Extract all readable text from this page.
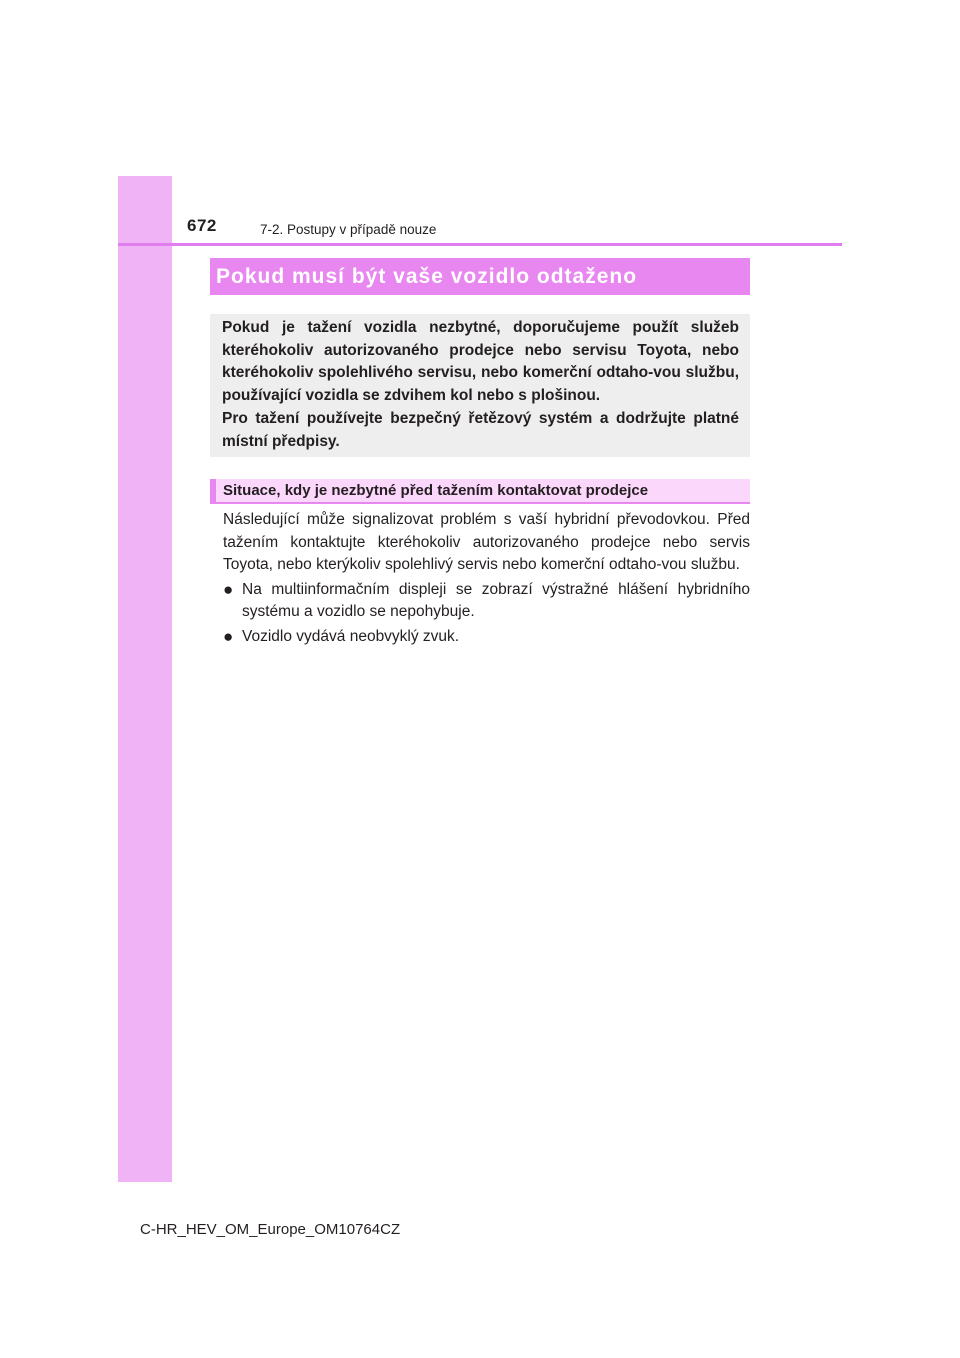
672	7-2. Postupy v případě nouze
Pokud musí být vaše vozidlo odtaženo

Pokud je tažení vozidla nezbytné, doporučujeme použít služeb kteréhokoliv autorizovaného prodejce nebo servisu Toyota, nebo kteréhokoliv spolehlivého servisu, nebo komerční odtaho-vou službu, používající vozidla se zdvihem kol nebo s plošinou.

Pro tažení používejte bezpečný řetězový systém a dodržujte platné místní předpisy.

Situace, kdy je nezbytné před tažením kontaktovat prodejce

Následující může signalizovat problém s vaší hybridní převodovkou. Před tažením kontaktujte kteréhokoliv autorizovaného prodejce nebo servis Toyota, nebo kterýkoliv spolehlivý servis nebo komerční odtaho-vou službu.

● Na multiinformačním displeji se zobrazí výstražné hlášení hybridního systému a vozidlo se nepohybuje.
● Vozidlo vydává neobvyklý zvuk.
C-HR_HEV_OM_Europe_OM10764CZ
